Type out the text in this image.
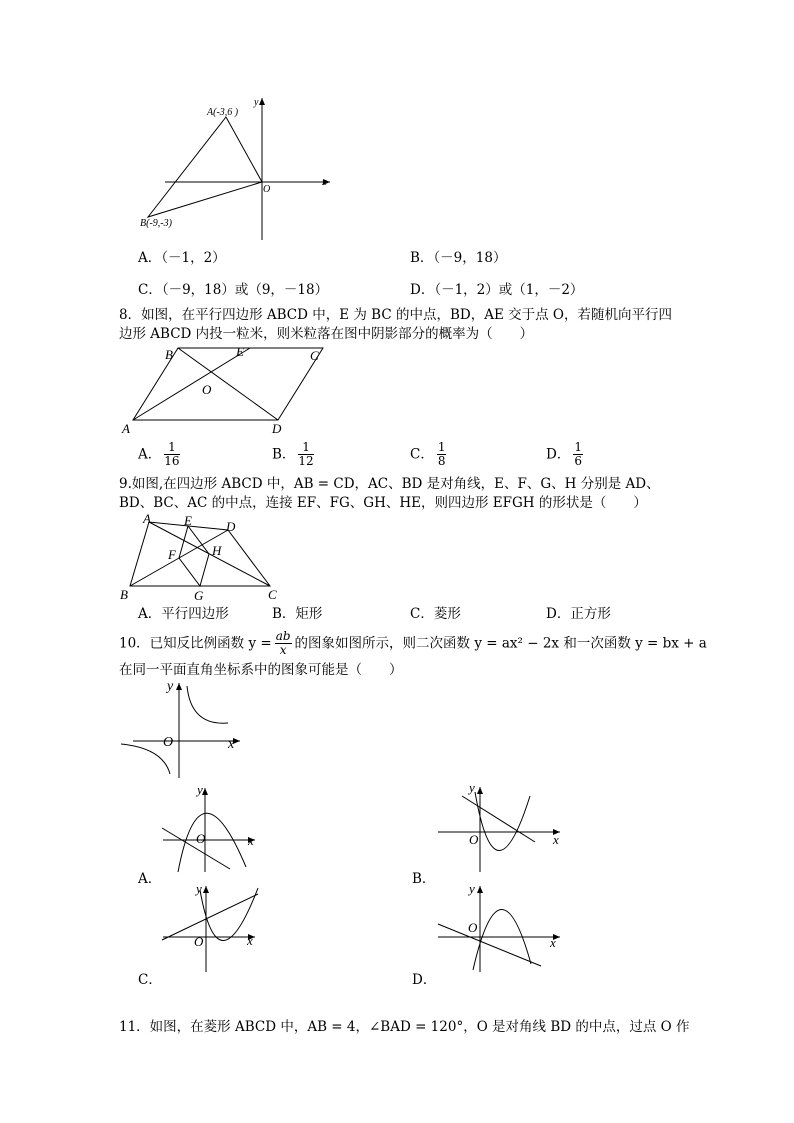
A(-3,6 )
B(-9,-3)
O
x
y
A．（－1，2）	B．（－9，18）
C．（－9，18）或（9，－18）	D．（－1，2）或（1，－2）
8．如图，在平行四边形 ABCD 中，E 为 BC 的中点，BD，AE 交于点 O，若随机向平行四
边形 ABCD 内投一粒米，则米粒落在图中阴影部分的概率为（　　）
B	E	C
O
A	D
A． $\frac{1}{16}$	B． $\frac{1}{12}$	C． $\frac{1}{8}$	D． $\frac{1}{6}$
9.如图,在四边形 ABCD 中，AB = CD，AC、BD 是对角线，E、F、G、H 分别是 AD、
BD、BC、AC 的中点，连接 EF、FG、GH、HE，则四边形 EFGH 的形状是（　　）
A	E	D
F	H
B	G	C
A．平行四边形	B．矩形	C．菱形	D．正方形
10．已知反比例函数 $y = \frac{ab}{x}$ 的图象如图所示，则二次函数 y = ax² − 2x 和一次函数 y = bx + a
在同一平面直角坐标系中的图象可能是（　　）
y
O	x
y
O	x
A．
y
O	x
B．
y
O	x
C．
y
O
x
D．
11．如图，在菱形 ABCD 中，AB = 4，∠BAD = 120°，O 是对角线 BD 的中点，过点 O 作
